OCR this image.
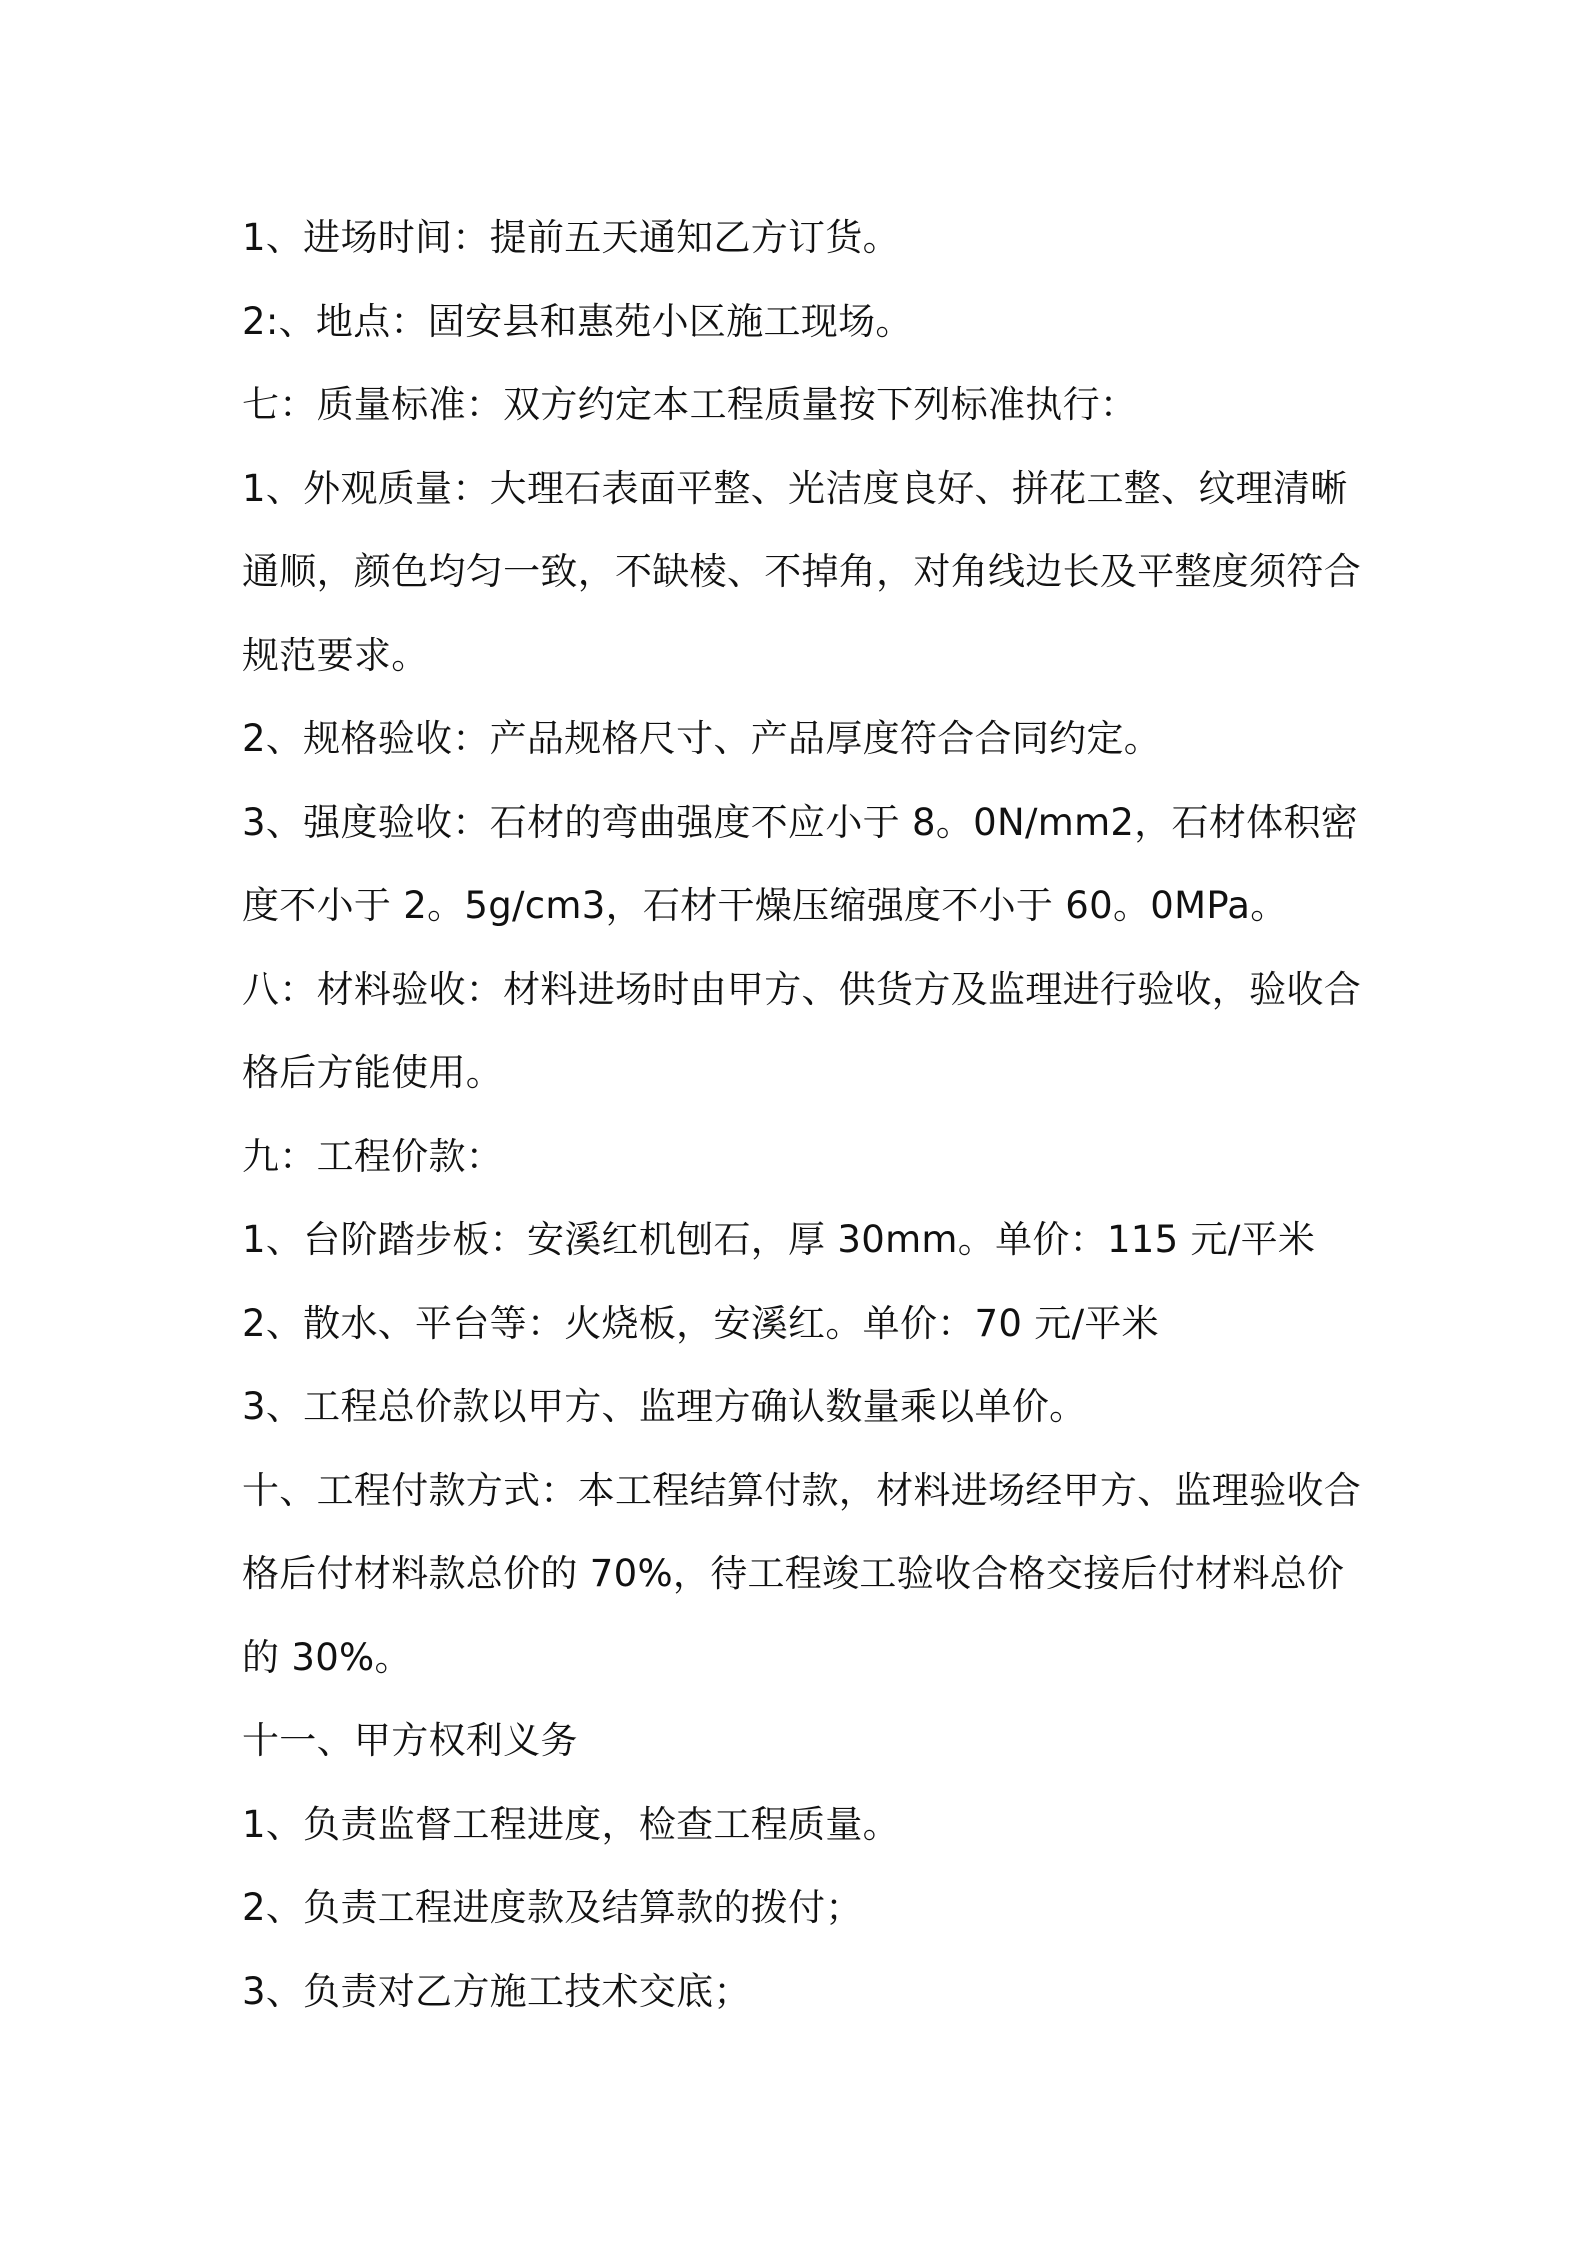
1、进场时间：提前五天通知乙方订货。
2:、地点：固安县和惠苑小区施工现场。
七：质量标准：双方约定本工程质量按下列标准执行：
1、外观质量：大理石表面平整、光洁度良好、拼花工整、纹理清晰
通顺，颜色均匀一致，不缺棱、不掉角，对角线边长及平整度须符合
规范要求。
2、规格验收：产品规格尺寸、产品厚度符合合同约定。
3、强度验收：石材的弯曲强度不应小于 8。0N/mm2，石材体积密
度不小于 2。5g/cm3，石材干燥压缩强度不小于 60。0MPa。
八：材料验收：材料进场时由甲方、供货方及监理进行验收，验收合
格后方能使用。
九：工程价款：
1、台阶踏步板：安溪红机刨石，厚 30mm。单价：115 元/平米
2、散水、平台等：火烧板，安溪红。单价：70 元/平米
3、工程总价款以甲方、监理方确认数量乘以单价。
十、工程付款方式：本工程结算付款，材料进场经甲方、监理验收合
格后付材料款总价的 70%，待工程竣工验收合格交接后付材料总价
的 30%。
十一、甲方权利义务
1、负责监督工程进度，检查工程质量。
2、负责工程进度款及结算款的拨付；
3、负责对乙方施工技术交底；
